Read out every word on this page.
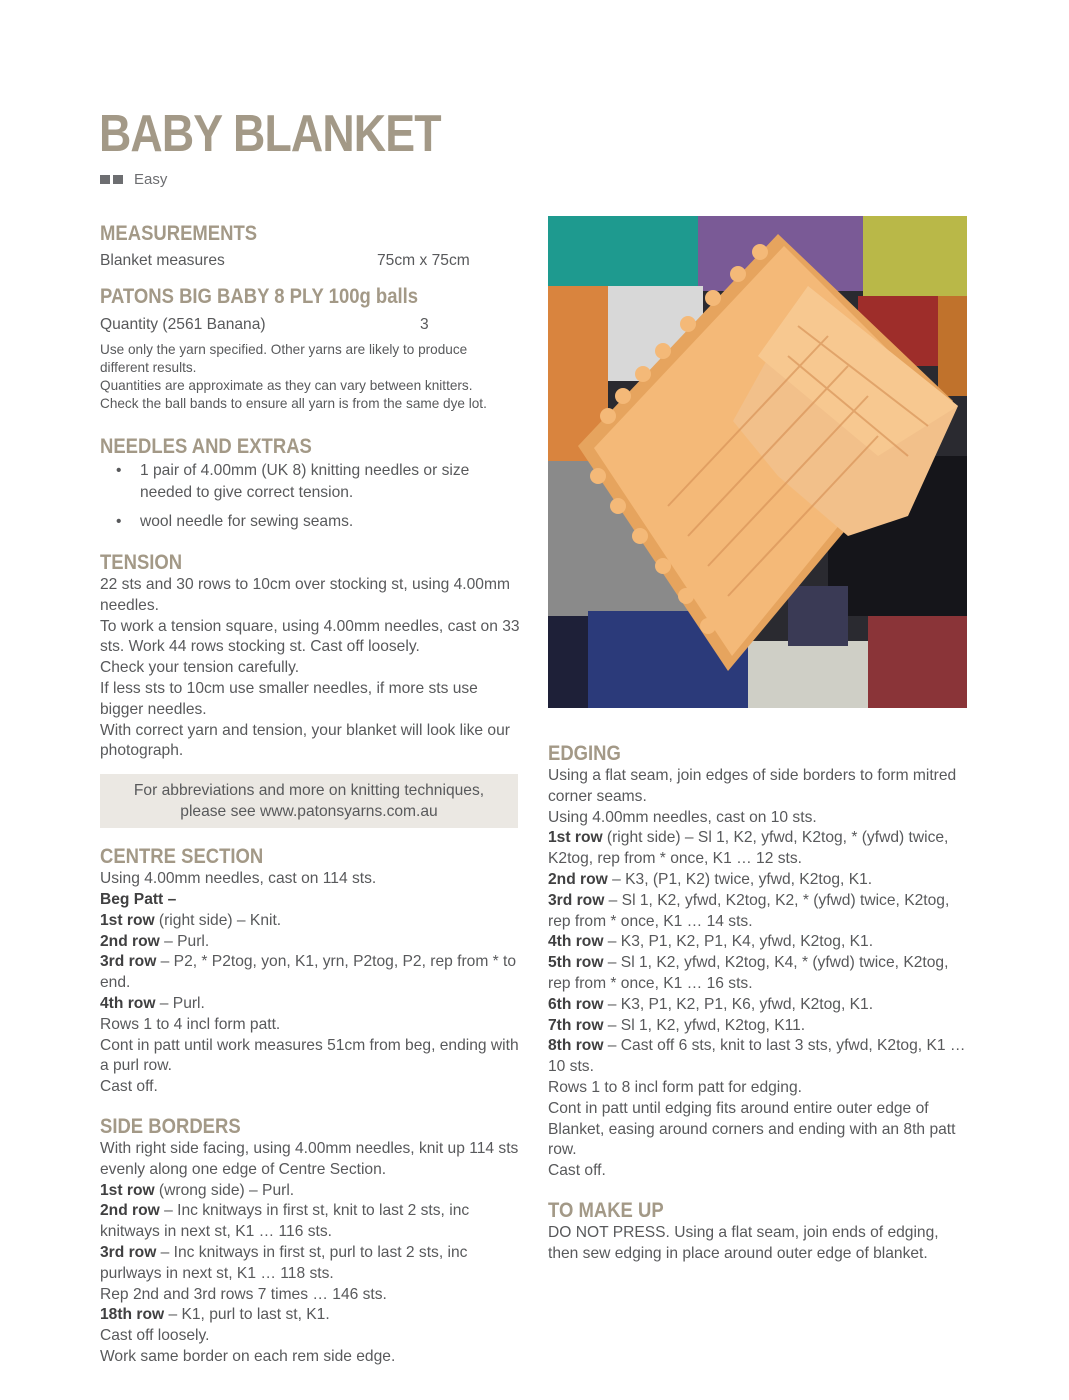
BABY BLANKET
Easy
MEASUREMENTS
Blanket measures	75cm x 75cm
PATONS BIG BABY 8 PLY 100g balls
Quantity (2561 Banana)	3

Use only the yarn specified. Other yarns are likely to produce different results.

Quantities are approximate as they can vary between knitters. Check the ball bands to ensure all yarn is from the same dye lot.

NEEDLES AND EXTRAS
• 1 pair of 4.00mm (UK 8) knitting needles or size needed to give correct tension.
• wool needle for sewing seams.
TENSION

22 sts and 30 rows to 10cm over stocking st, using 4.00mm needles.

To work a tension square, using 4.00mm needles, cast on 33 sts. Work 44 rows stocking st. Cast off loosely.

Check your tension carefully.

If less sts to 10cm use smaller needles, if more sts use bigger needles.

With correct yarn and tension, your blanket will look like our photograph.

For abbreviations and more on knitting techniques,
please see www.patonsyarns.com.au
CENTRE SECTION

Using 4.00mm needles, cast on 114 sts.

Beg Patt –

1st row (right side) – Knit.

2nd row – Purl.

3rd row – P2, * P2tog, yon, K1, yrn, P2tog, P2, rep from * to end.

4th row – Purl.

Rows 1 to 4 incl form patt.

Cont in patt until work measures 51cm from beg, ending with a purl row.

Cast off.

SIDE BORDERS

With right side facing, using 4.00mm needles, knit up 114 sts evenly along one edge of Centre Section.

1st row (wrong side) – Purl.

2nd row – Inc knitways in first st, knit to last 2 sts, inc knitways in next st, K1 … 116 sts.

3rd row – Inc knitways in first st, purl to last 2 sts, inc purlways in next st, K1 … 118 sts.

Rep 2nd and 3rd rows 7 times … 146 sts.

18th row – K1, purl to last st, K1.

Cast off loosely.

Work same border on each rem side edge.

EDGING

Using a flat seam, join edges of side borders to form mitred corner seams.

Using 4.00mm needles, cast on 10 sts.

1st row (right side) – Sl 1, K2, yfwd, K2tog, * (yfwd) twice, K2tog, rep from * once, K1 … 12 sts.

2nd row – K3, (P1, K2) twice, yfwd, K2tog, K1.

3rd row – Sl 1, K2, yfwd, K2tog, K2, * (yfwd) twice, K2tog, rep from * once, K1 … 14 sts.

4th row – K3, P1, K2, P1, K4, yfwd, K2tog, K1.

5th row – Sl 1, K2, yfwd, K2tog, K4, * (yfwd) twice, K2tog, rep from * once, K1 … 16 sts.

6th row – K3, P1, K2, P1, K6, yfwd, K2tog, K1.

7th row – Sl 1, K2, yfwd, K2tog, K11.

8th row – Cast off 6 sts, knit to last 3 sts, yfwd, K2tog, K1 … 10 sts.

Rows 1 to 8 incl form patt for edging.

Cont in patt until edging fits around entire outer edge of Blanket, easing around corners and ending with an 8th patt row.

Cast off.

TO MAKE UP

DO NOT PRESS. Using a flat seam, join ends of edging, then sew edging in place around outer edge of blanket.
